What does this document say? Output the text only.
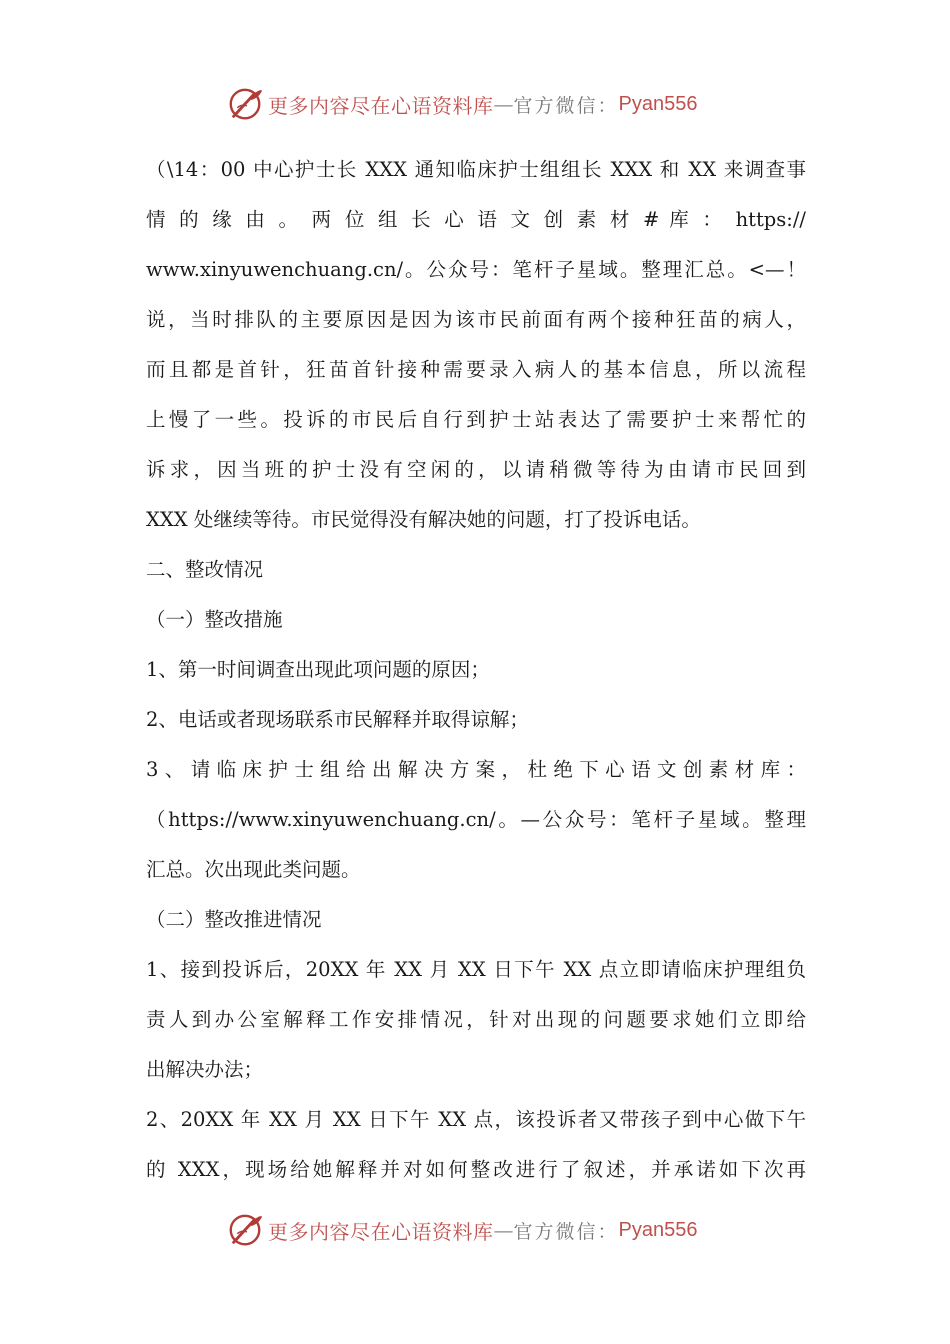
更多内容尽在心语资料库 — 官方微信： Pyan556
（\14：00 中心护士长 XXX 通知临床护士组组长 XXX 和 XX 来调查事
情 的 缘 由 。 两 位 组 长 心 语 文 创 素 材 # 库 ： https://
www.xinyuwenchuang.cn/。公众号：笔杆子星域。整理汇总。<—！
说，当时排队的主要原因是因为该市民前面有两个接种狂苗的病人，
而且都是首针，狂苗首针接种需要录入病人的基本信息，所以流程
上慢了一些。投诉的市民后自行到护士站表达了需要护士来帮忙的
诉求，因当班的护士没有空闲的，以请稍微等待为由请市民回到
XXX 处继续等待。市民觉得没有解决她的问题，打了投诉电话。
二、整改情况
（一）整改措施
1、第一时间调查出现此项问题的原因；
2、电话或者现场联系市民解释并取得谅解；
3、请临床护士组给出解决方案，杜绝下心语文创素材库：
（https://www.xinyuwenchuang.cn/。—公众号：笔杆子星域。整理
汇总。次出现此类问题。
（二）整改推进情况
1、接到投诉后，20XX 年 XX 月 XX 日下午 XX 点立即请临床护理组负
责人到办公室解释工作安排情况，针对出现的问题要求她们立即给
出解决办法；
2、20XX 年 XX 月 XX 日下午 XX 点，该投诉者又带孩子到中心做下午
的 XXX，现场给她解释并对如何整改进行了叙述，并承诺如下次再
更多内容尽在心语资料库 — 官方微信： Pyan556
